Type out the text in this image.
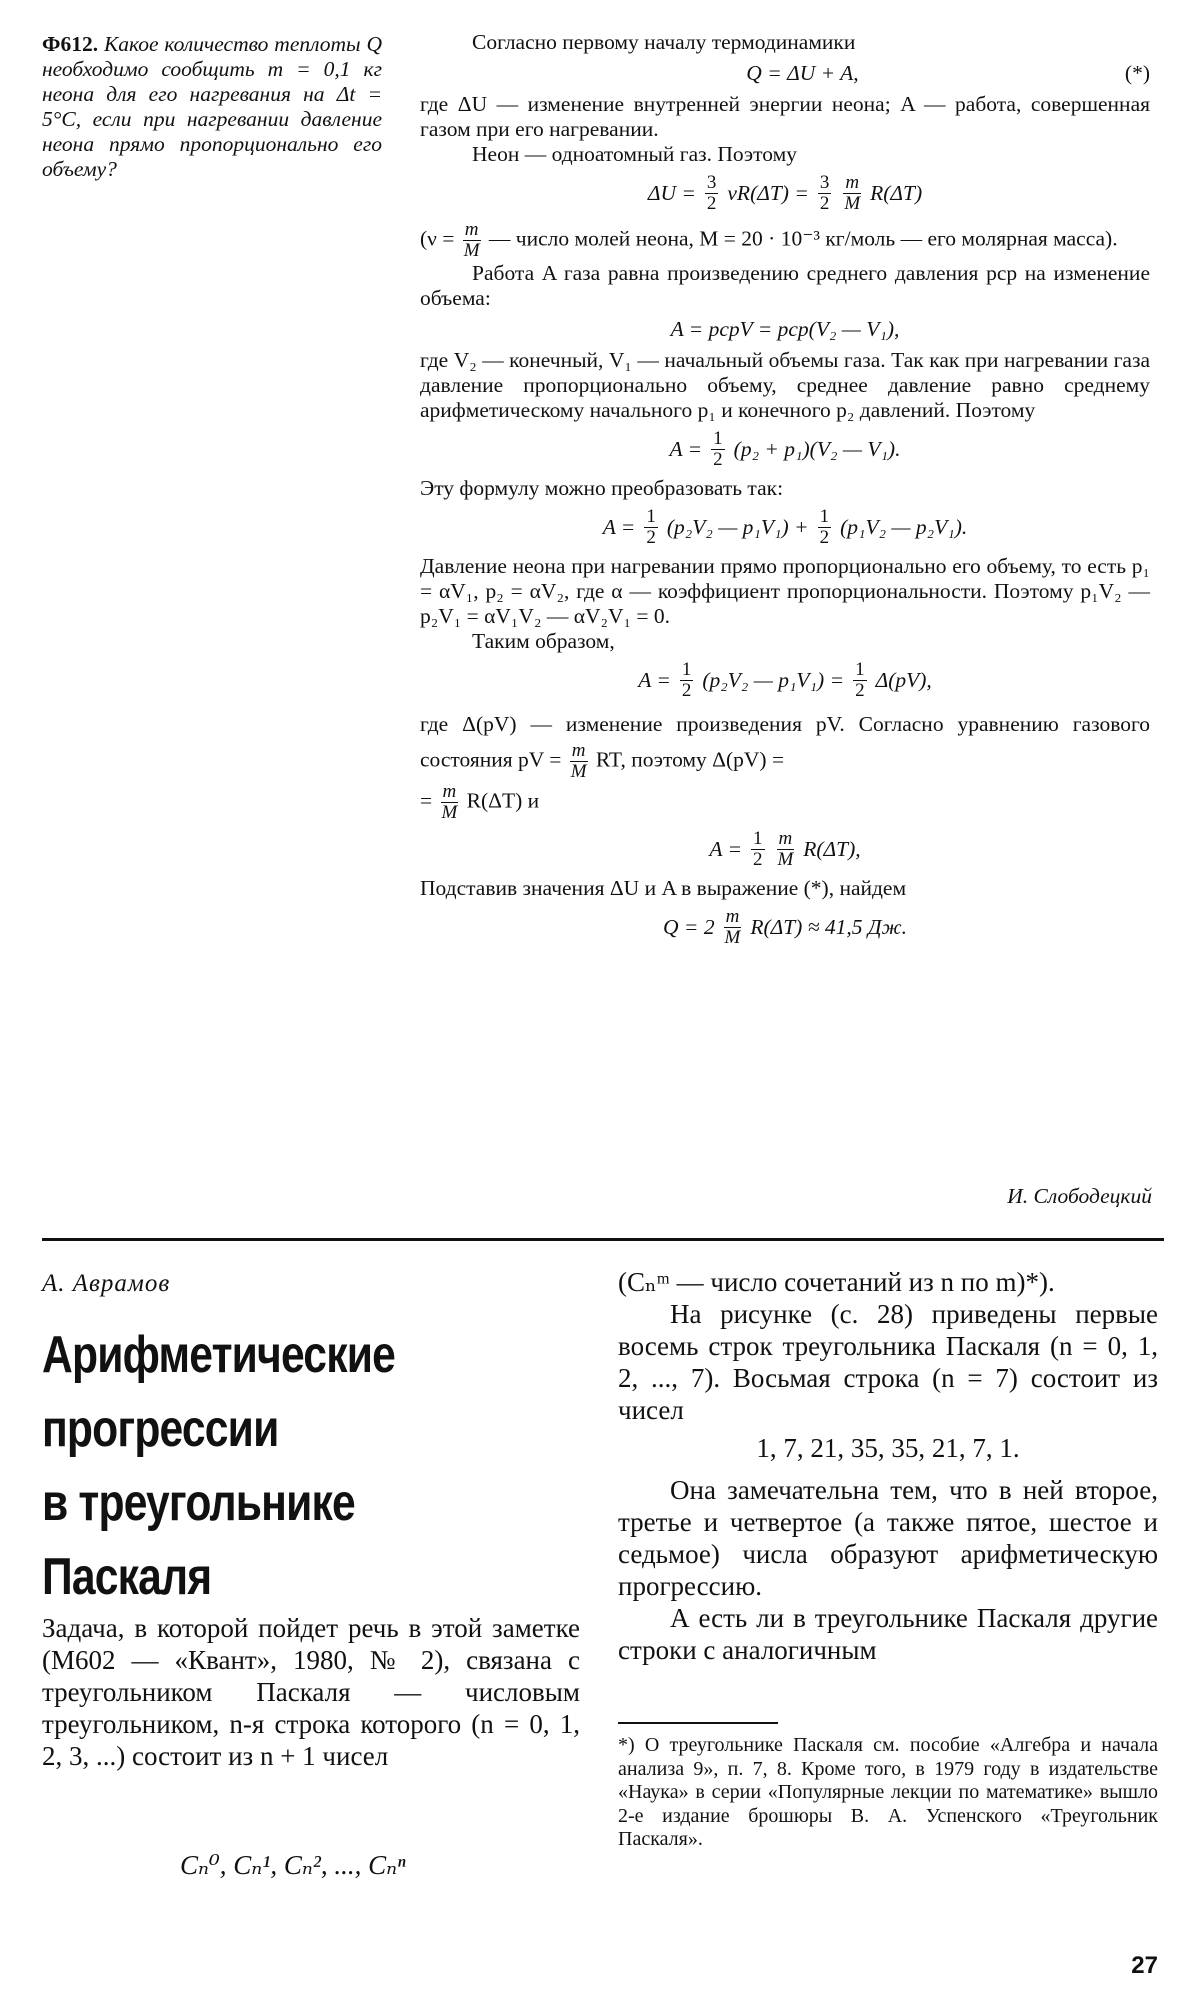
Ф612. Какое количество теплоты Q необходимо сообщить m = 0,1 кг неона для его нагревания на Δt = 5°C, если при нагревании давление неона прямо пропорционально его объему?

Согласно первому началу термодинамики

Q = ΔU + A,	(*)

где ΔU — изменение внутренней энергии неона; A — работа, совершенная газом при его нагревании.

Неон — одноатомный газ. Поэтому

$\Delta U = \frac{3}{2} \nu R(\Delta T) = \frac{3}{2} \frac{m}{M} R(\Delta T)$

($\nu = \frac{m}{M}$ — число молей неона, M = 20 · 10⁻³ кг/моль — его молярная масса).

Работа A газа равна произведению среднего давления pср на изменение объема:

A = pсрV = pср(V₂ — V₁),

где V₂ — конечный, V₁ — начальный объемы газа. Так как при нагревании газа давление пропорционально объему, среднее давление равно среднему арифметическому начального p₁ и конечного p₂ давлений. Поэтому

$A = \frac{1}{2} (p_2 + p_1)(V_2$ — V₁).

Эту формулу можно преобразовать так:

$A = \frac{1}{2} (p_2V_2$ — $p_1V_1) + \frac{1}{2} (p_1V_2$ — p₂V₁).

Давление неона при нагревании прямо пропорционально его объему, то есть p₁ = αV₁, p₂ = αV₂, где α — коэффициент пропорциональности. Поэтому p₁V₂ — p₂V₁ = αV₁V₂ — αV₂V₁ = 0.

Таким образом,

$A = \frac{1}{2} (p_2V_2$ — $p_1V_1) = \frac{1}{2} \Delta(pV)$,

где Δ(pV) — изменение произведения pV. Согласно уравнению газового состояния pV = $\frac{m}{M}$ RT, поэтому Δ(pV) =
= $\frac{m}{M} R(\Delta T)$ и

$A = \frac{1}{2} \frac{m}{M} R(\Delta T)$,

Подставив значения ΔU и A в выражение (*), найдем

$Q = 2 \frac{m}{M} R(\Delta T) \approx 41,5$ Дж.
И. Слободецкий
А. Аврамов
Арифметические
прогрессии
в треугольнике
Паскаля
Задача, в которой пойдет речь в этой заметке (М602 — «Квант», 1980, № 2), связана с треугольником Паскаля — числовым треугольником, n-я строка которого (n = 0, 1, 2, 3, ...) состоит из n + 1 чисел
Cₙ⁰, Cₙ¹, Cₙ², ..., Cₙⁿ

(Cₙᵐ — число сочетаний из n по m)*).

На рисунке (с. 28) приведены первые восемь строк треугольника Паскаля (n = 0, 1, 2, ..., 7). Восьмая строка (n = 7) состоит из чисел

1, 7, 21, 35, 35, 21, 7, 1.

Она замечательна тем, что в ней второе, третье и четвертое (а также пятое, шестое и седьмое) числа образуют арифметическую прогрессию.

А есть ли в треугольнике Паскаля другие строки с аналогичным

*) О треугольнике Паскаля см. пособие «Алгебра и начала анализа 9», п. 7, 8. Кроме того, в 1979 году в издательстве «Наука» в серии «Популярные лекции по математике» вышло 2-е издание брошюры В. А. Успенского «Треугольник Паскаля».
27
